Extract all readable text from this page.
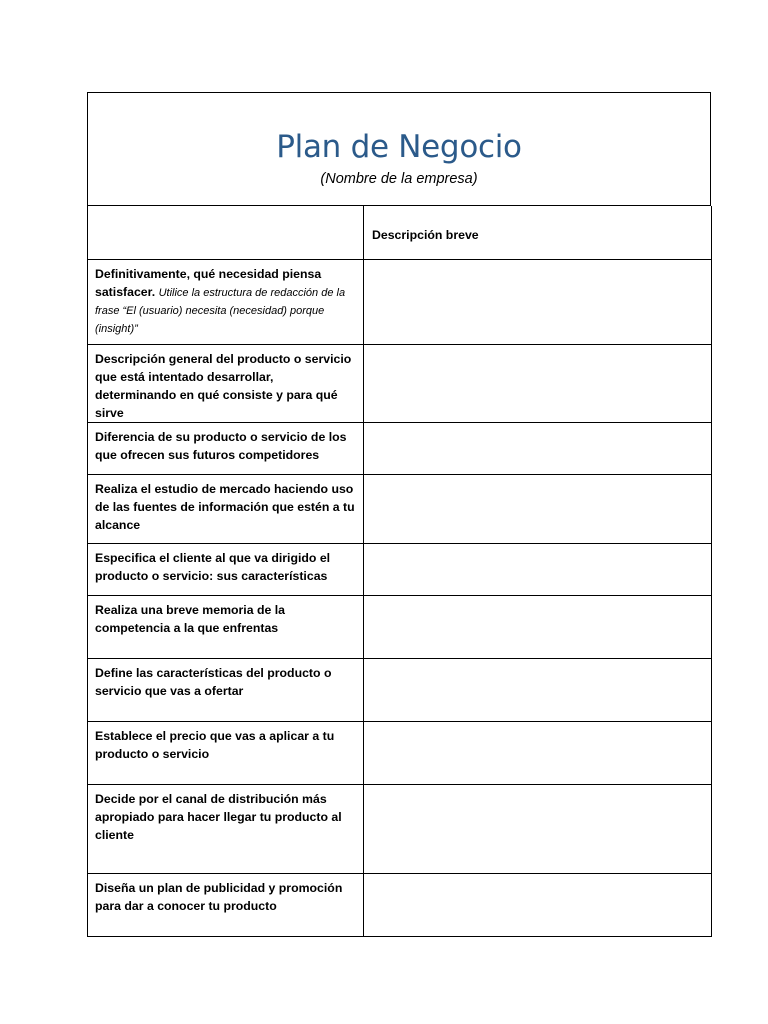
Plan de Negocio
(Nombre de la empresa)
	Descripción breve
Definitivamente, qué necesidad piensa satisfacer. Utilice la estructura de redacción de la frase “El (usuario) necesita (necesidad) porque (insight)”	
Descripción general del producto o servicio que está intentado desarrollar, determinando en qué consiste y para qué sirve	
Diferencia de su producto o servicio de los que ofrecen sus futuros competidores	
Realiza el estudio de mercado haciendo uso de las fuentes de información que estén a tu alcance	
Especifica el cliente al que va dirigido el producto o servicio: sus características	
Realiza una breve memoria de la competencia a la que enfrentas	
Define las características del producto o servicio que vas a ofertar	
Establece el precio que vas a aplicar a tu producto o servicio	
Decide por el canal de distribución más apropiado para hacer llegar tu producto al cliente	
Diseña un plan de publicidad y promoción para dar a conocer tu producto	
